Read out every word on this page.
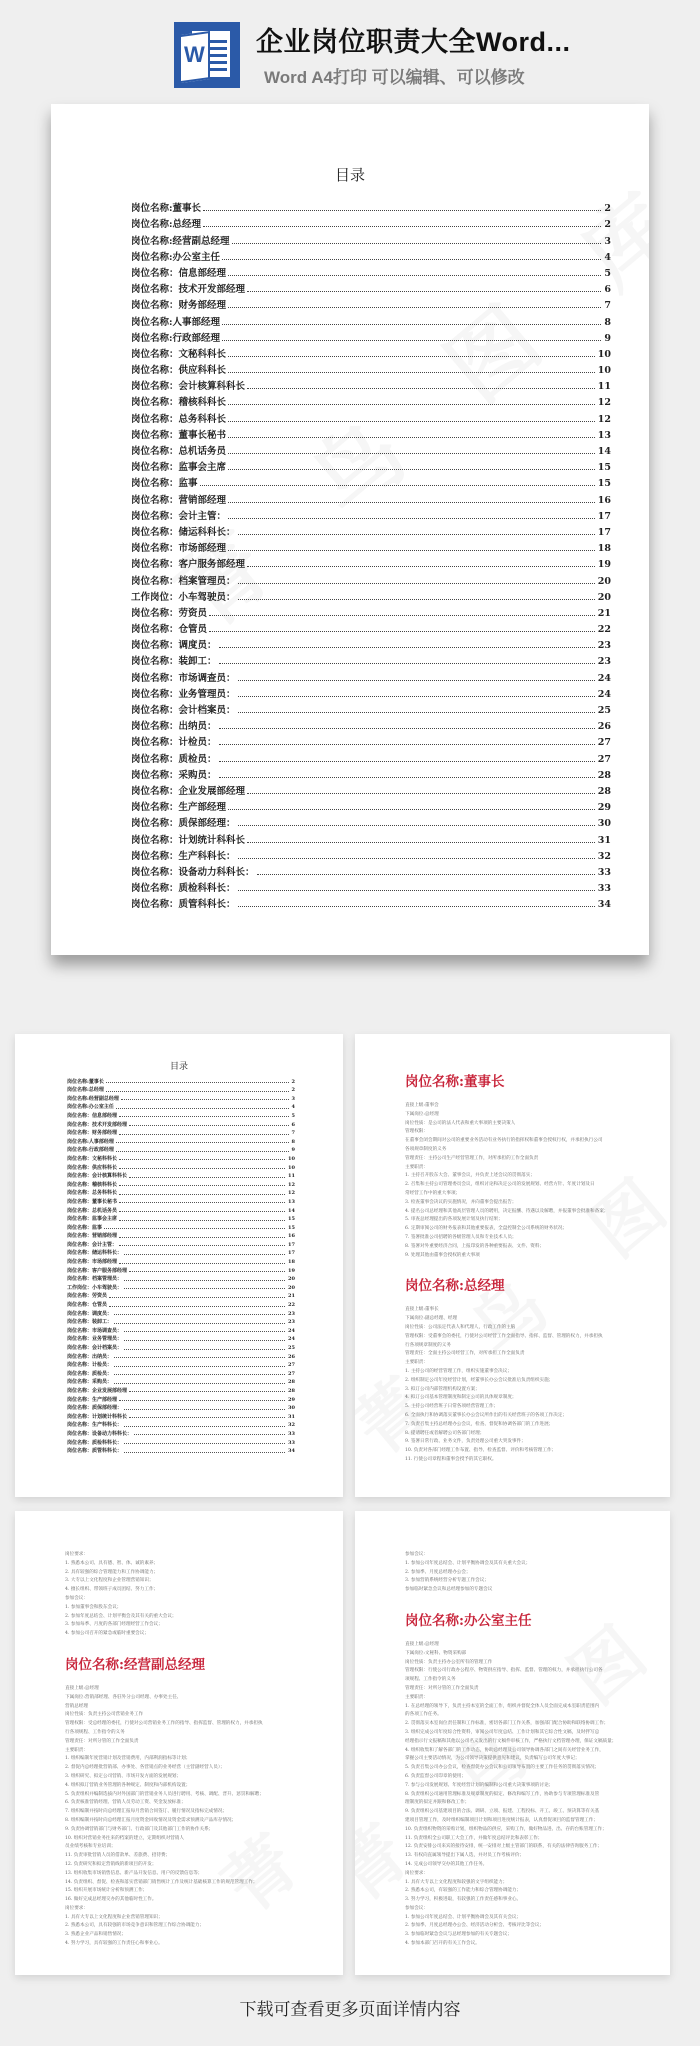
W 企业岗位职责大全Word...
Word A4打印 可以编辑、可以修改
目录
岗位名称:董事长	2
岗位名称:总经理	2
岗位名称:经营副总经理	3
岗位名称:办公室主任	4
岗位名称：信息部经理	5
岗位名称：技术开发部经理	6
岗位名称：财务部经理	7
岗位名称:人事部经理	8
岗位名称:行政部经理	9
岗位名称：文秘科科长	10
岗位名称：供应科科长	10
岗位名称：会计核算科科长	11
岗位名称：稽核科科长	12
岗位名称：总务科科长	12
岗位名称：董事长秘书	13
岗位名称：总机话务员	14
岗位名称：监事会主席	15
岗位名称：监事	15
岗位名称：营销部经理	16
岗位名称：会计主管：	17
岗位名称：储运科科长：	17
岗位名称：市场部经理	18
岗位名称：客户服务部经理	19
岗位名称：档案管理员：	20
工作岗位：小车驾驶员：	20
岗位名称：劳资员	21
岗位名称：仓管员	22
岗位名称：调度员：	23
岗位名称：装卸工：	23
岗位名称：市场调查员：	24
岗位名称：业务管理员：	24
岗位名称：会计档案员：	25
岗位名称：出纳员：	26
岗位名称：计检员：	27
岗位名称：质检员：	27
岗位名称：采购员：	28
岗位名称：企业发展部经理	28
岗位名称：生产部经理	29
岗位名称：质保部经理：	30
岗位名称：计划统计科科长	31
岗位名称：生产科科长：	32
岗位名称：设备动力科科长：	33
岗位名称：质检科科长：	33
岗位名称：质管科科长：	34
目录
岗位名称:董事长	2
岗位名称:总经理	2
岗位名称:经营副总经理	3
岗位名称:办公室主任	4
岗位名称：信息部经理	5
岗位名称：技术开发部经理	6
岗位名称：财务部经理	7
岗位名称:人事部经理	8
岗位名称:行政部经理	9
岗位名称：文秘科科长	10
岗位名称：供应科科长	10
岗位名称：会计核算科科长	11
岗位名称：稽核科科长	12
岗位名称：总务科科长	12
岗位名称：董事长秘书	13
岗位名称：总机话务员	14
岗位名称：监事会主席	15
岗位名称：监事	15
岗位名称：营销部经理	16
岗位名称：会计主管：	17
岗位名称：储运科科长：	17
岗位名称：市场部经理	18
岗位名称：客户服务部经理	19
岗位名称：档案管理员：	20
工作岗位：小车驾驶员：	20
岗位名称：劳资员	21
岗位名称：仓管员	22
岗位名称：调度员：	23
岗位名称：装卸工：	23
岗位名称：市场调查员：	24
岗位名称：业务管理员：	24
岗位名称：会计档案员：	25
岗位名称：出纳员：	26
岗位名称：计检员：	27
岗位名称：质检员：	27
岗位名称：采购员：	28
岗位名称：企业发展部经理	28
岗位名称：生产部经理	29
岗位名称：质保部经理：	30
岗位名称：计划统计科科长	31
岗位名称：生产科科长：	32
岗位名称：设备动力科科长：	33
岗位名称：质检科科长：	33
岗位名称：质管科科长：	34
岗位名称:董事长
直接上级:董事会
下属岗位:总经理
岗位性质：是公司的法人代表和重大事项的主要决策人
管理权限：
在董事会闭会期间对公司的重要业务活动有业务执行的指挥权和董事会授权行权，并承担执行公司
各项规章制度的义务
管理责任：主持公司生产经营管理工作，对所承担的工作全面负责
主要职责：
1. 主持召开股东大会、董事会议，并负责上述会议的贯彻落实；
2. 召集和主持公司管理委员会议，组织讨论和决定公司的发展规划、经营方针、年度计划及日
常经营工作中的重大事项；
3. 检查董事会决议的实施情况，并向董事会提出报告；
4. 提名公司总经理和其他高层管理人员的聘用，决定报酬、待遇以及解聘，并报董事会批准和备案；
5. 审查总经理提出的各项发展计划及执行结果；
6. 定期审阅公司的财务报表和其他重要报表，全盘控制全公司系统的财务状况；
7. 签署批准公司招聘的各级管理人员和专业技术人员；
8. 签署对外重要经济合同，上报印发的各种重要报表、文件、资料；
9. 处理其他由董事会授权的重大事项
岗位名称:总经理
直接上级:董事长
下属岗位:副总经理、经理
岗位性质：公司法定代表人和代理人，行政工作的主脑
管理权限：受董事会的委托，行使对公司经营工作全面指导、指挥、监督、管理的权力，并承担执
行各项规章制度的义务
管理责任：全面主持公司经营工作，对所承担工作全面负责
主要职责：
1. 主持公司的经营管理工作，组织实施董事会决议；
2. 组织制定公司年度经营计划，经董事长办公会议批准后负责组织实施；
3. 拟订公司内部管理机构设置方案；
4. 拟订公司基本管理制度和制定公司的具体规章制度；
5. 主持公司经营班子日常各项经营管理工作；
6. 全面执行和协调落实董事长办公会议所作出的有关经营班子的各项工作决定；
7. 负责召集主持总经理办公会议，检查、督促和协调各部门的工作进展；
8. 提请聘任或者解聘公司各部门经理；
9. 签署日常行政、业务文件，负责处理公司重大突发事件；
10. 负责对各部门经理工作布置、指导、检查监督、评价和考核管理工作；
11. 行使公司章程和董事会授予的其它职权。
岗位要求：
1. 熟悉本公司、具有德、智、体、诚的素养；
2. 具有较强的综合管理能力和工作协调能力；
3. 大专以上文化程度和企业管理营销知识；
4. 擅长组织、带领班子成员团结、努力工作；
参加会议：
1. 参加董事会和股东会议；
2. 参加年度总结会、计划平衡会及其有关的重大会议；
3. 参加每季、月度的各部门经理经营工作会议；
4. 参加公司召开的紧急或临时重要会议；
岗位名称:经营副总经理
直接上级:总经理
下属岗位:营销部经理、各驻外分公司经理、办事处主任、
营销总经理
岗位性质：负责主持公司营销业务工作
管理权限：受总经理的委托，行使对公司营销业务工作的指导、指挥监督、管理的权力，并承担执
行各项规程、工作指令的义务
管理责任：对所分管的工作全面负责
主要职责：
1. 组织编制年度营销计划及营销费用，内部利润指标等计划；
2. 督促内总经理批营销部、办事处、各营销点的业务经营（主营副经营人员）；
3. 组织研究、拟定公司营销、市场开发方面的发展规划；
4. 组织拟订营销业务管理的各种规定、制度和内部机构设置；
5. 负责组织并编制选拔内对外国部门的营销业务人员进行聘用、考核、调配、晋升、惩罚和解聘；
6. 负责核准营销经理、营销人员劳动工资、奖金发放标准；
7. 组织编制并按时向总经理汇报每月营销合同签订、履行情况及指标完成情况；
8. 组织编制并按时向总经理汇报月度资金回收情况及资金需求预测及产品库存情况；
9. 负责协调营销部门与财务部门、行政部门及其他部门工作的协作关系；
10. 组织对营销业务往来的档案的建立，定期组织对营销人
员业绩考核和专业培训；
11. 负责审批营销人员的借款单、差旅费、招待费；
12. 负责研究和拟定营销线的新项目的开发；
13. 组织收集市场销售信息、新产品开发信息、用户的反馈信息等；
14. 负责组织、督促、检查和落实营销部门销售统计工作及统计基础核算工作的规范管理工作；
15. 组织开展市场统计分析和预测工作；
16. 做好完成总经理交办的其他临时性工作。
岗位要求：
1. 具有大专以上文化程度和企业营销管理知识；
2. 熟悉本公司，具有较强的市场竞争意识和管理工作综合协调能力；
3. 熟悉企业产品和销售情况；
4. 努力学习，具有较强的工作责任心和事业心。
参加会议：
1. 参加公司年度总结会、计划平衡协调会及其有关重大会议；
2. 参加季、月度总经理办公会；
3. 参加营销系统经营分析专题工作会议；
参加临时紧急会议和总经理参加的专题会议
岗位名称:办公室主任
直接上级:总经理
下属岗位:文秘科、物资采购部
岗位性质：负责主持办公室所有的管理工作
管理权限：行使公司行政办公程序、物资供应指导、指挥、监督、管理的权力，并承担执行公司各
项规程、工作指令的义务
管理责任：对所分管的工作全面负责
主要职责：
1. 在总经理的领导下，负责主持本室的全面工作，组织并督促全体人员全面完成本室职责范围内
的各项工作任务。
2. 贯彻落实本室岗位责任制和工作标准，密切各部门工作关系，加强部门配合协助和联络协调工作；
3. 组织完成公司年度综合性资料，审阅公司年度总结、工作计划和其它综合性文稿，及时拌写总
经理指示行文报稿和其他以公司名义发出的行文稿件审核工作，严格执行文档管理办理，保证文稿质量；
4. 组织收集和了解各部门的工作动态，协助总经理及公司领导协调各部门之间有关经营业务工作，
掌握公司主要活动情况，为公司领导决策提供意见和建议，负责编写公司年度大事记；
5. 负责召集公司办公会议，检查督促办公会议和公司领导布置的主要工作任务的贯彻落实情况；
6. 负责监督公司印章的使用；
7. 参与公司发展规划、年度经营计划的编制和公司重大决策事项的讨论；
8. 负责组织公司通用管理标准及规章制度的拟定、修改和编写工作，协助参与专项管理标准及管
理制度的拟定并跟和修改工作；
9. 负责组织公司基建项目的合法、调研、立项、报建、工程投标、开工、竣工、预决算等有关基
建项目管理工作，及时组织编制项目计划和项目进度统计报表，认真督促项目的监督管理工作；
10. 负责组织物资的采购计划，组织物品的供应，采购工作，做好物品进、出、存的台账管理工作；
11. 负责组织全公司职工大会工作，并做年度总结评比和表彰工作；
12. 负责安排公司来宾的接待安排，统一安排对上级主管部门的联系，有关的法律咨询服务工作；
13. 有权向直属领导提出下属人选，并对员工作考核评价；
14. 完成公司领导交办的其他工作任务。
岗位要求：
1. 具有大专以上文化程度和较强的文字组织能力；
2. 熟悉本公司，有较强的工作能力和综合管理协调能力；
3. 努力学习，积极进取，有较强的工作责任感和事业心。
参加会议：
1. 参加公司年度总结会、计划平衡协调会及其有关会议；
2. 参加季、月度总经理办公会、经济活动分析会、考核评比等会议；
3. 参加临时紧急会议与总经理参加的有关专题会议；
4. 参加本部门召开的有关工作会议。
下载可查看更多页面详情内容
